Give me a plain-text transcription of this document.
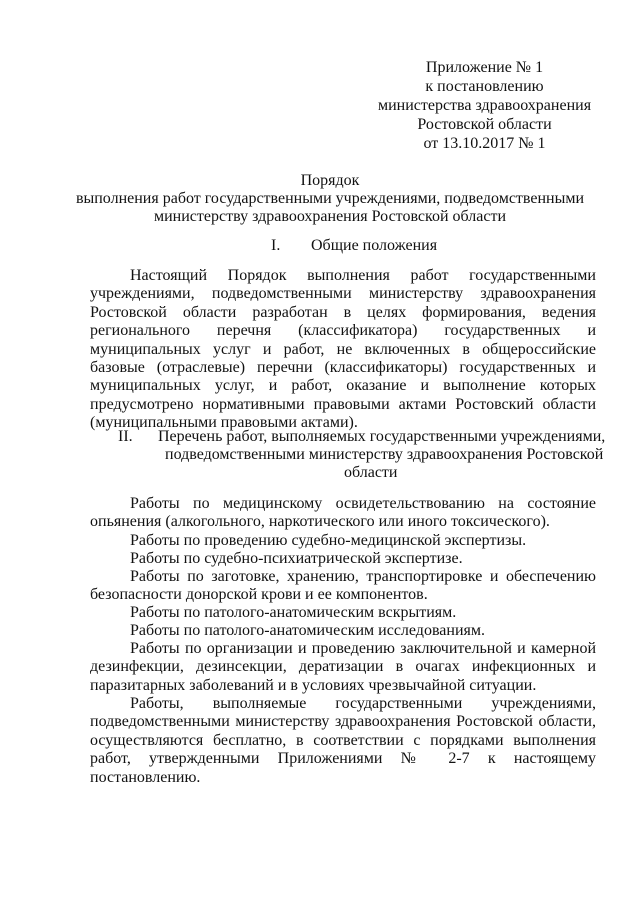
Приложение № 1
к постановлению
министерства здравоохранения
Ростовской области
от 13.10.2017 № 1
Порядок
выполнения работ государственными учреждениями, подведомственными
министерству здравоохранения Ростовской области
I. Общие положения
Настоящий Порядок выполнения работ государственными учреждениями, подведомственными министерству здравоохранения Ростовской области разработан в целях формирования, ведения регионального перечня (классификатора) государственных и муниципальных услуг и работ, не включенных в общероссийские базовые (отраслевые) перечни (классификаторы) государственных и муниципальных услуг, и работ, оказание и выполнение которых предусмотрено нормативными правовыми актами Ростовский области (муниципальными правовыми актами).
II. Перечень работ, выполняемых государственными учреждениями,
подведомственными министерству здравоохранения Ростовской
области
Работы по медицинскому освидетельствованию на состояние опьянения (алкогольного, наркотического или иного токсического).
Работы по проведению судебно-медицинской экспертизы.
Работы по судебно-психиатрической экспертизе.
Работы по заготовке, хранению, транспортировке и обеспечению безопасности донорской крови и ее компонентов.
Работы по патолого-анатомическим вскрытиям.
Работы по патолого-анатомическим исследованиям.
Работы по организации и проведению заключительной и камерной дезинфекции, дезинсекции, дератизации в очагах инфекционных и паразитарных заболеваний и в условиях чрезвычайной ситуации.
Работы, выполняемые государственными учреждениями, подведомственными министерству здравоохранения Ростовской области, осуществляются бесплатно, в соответствии с порядками выполнения работ, утвержденными Приложениями № 2-7 к настоящему постановлению.
